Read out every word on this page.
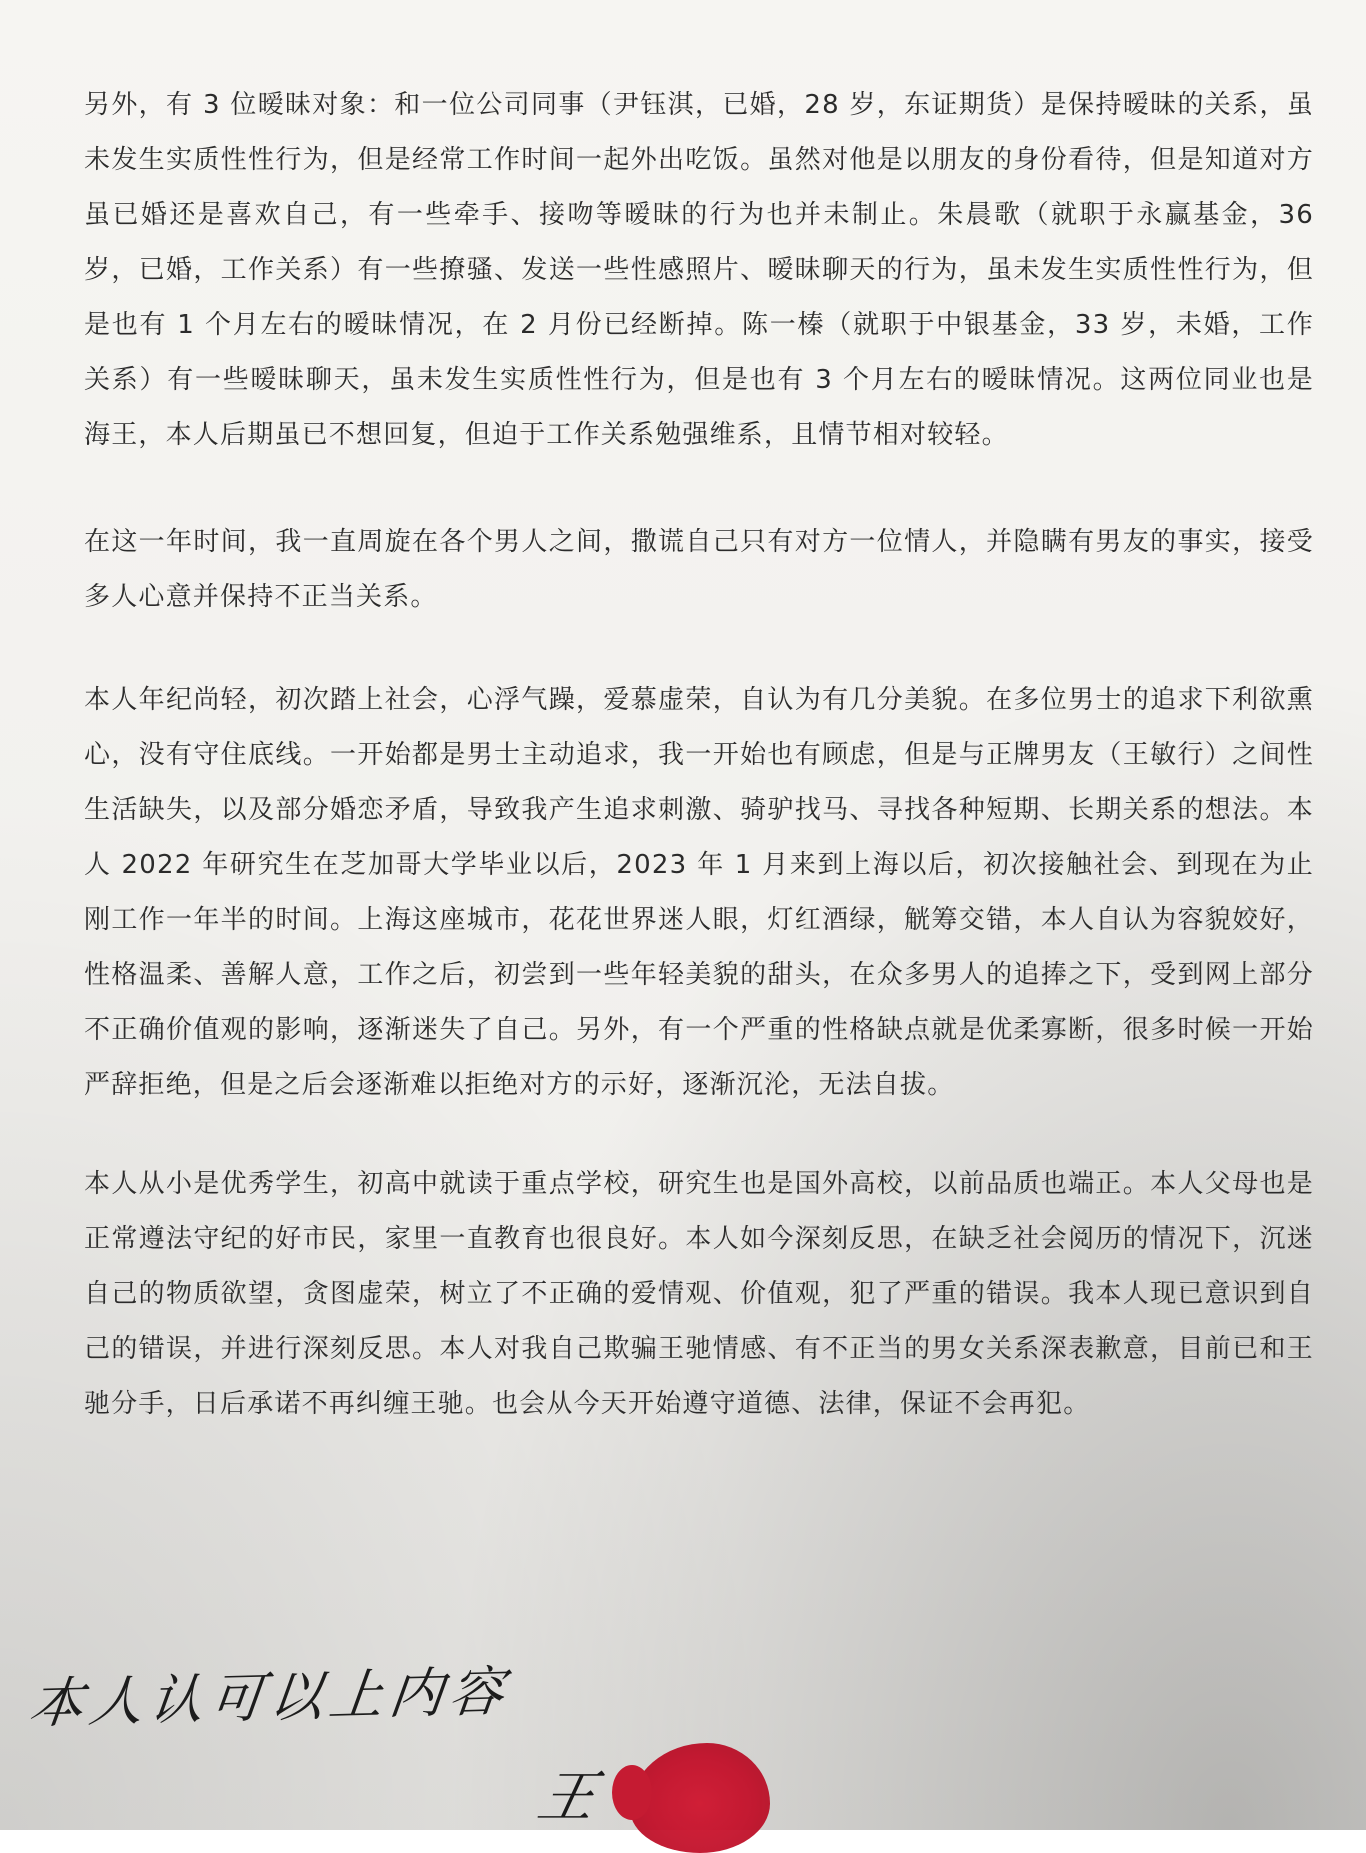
另外，有 3 位暧昧对象：和一位公司同事（尹钰淇，已婚，28 岁，东证期货）是保持暧昧的关系，虽未发生实质性性行为，但是经常工作时间一起外出吃饭。虽然对他是以朋友的身份看待，但是知道对方虽已婚还是喜欢自己，有一些牵手、接吻等暧昧的行为也并未制止。朱晨歌（就职于永赢基金，36 岁，已婚，工作关系）有一些撩骚、发送一些性感照片、暧昧聊天的行为，虽未发生实质性性行为，但是也有 1 个月左右的暧昧情况，在 2 月份已经断掉。陈一榛（就职于中银基金，33 岁，未婚，工作关系）有一些暧昧聊天，虽未发生实质性性行为，但是也有 3 个月左右的暧昧情况。这两位同业也是海王，本人后期虽已不想回复，但迫于工作关系勉强维系，且情节相对较轻。

在这一年时间，我一直周旋在各个男人之间，撒谎自己只有对方一位情人，并隐瞒有男友的事实，接受多人心意并保持不正当关系。

本人年纪尚轻，初次踏上社会，心浮气躁，爱慕虚荣，自认为有几分美貌。在多位男士的追求下利欲熏心，没有守住底线。一开始都是男士主动追求，我一开始也有顾虑，但是与正牌男友（王敏行）之间性生活缺失，以及部分婚恋矛盾，导致我产生追求刺激、骑驴找马、寻找各种短期、长期关系的想法。本人 2022 年研究生在芝加哥大学毕业以后，2023 年 1 月来到上海以后，初次接触社会、到现在为止刚工作一年半的时间。上海这座城市，花花世界迷人眼，灯红酒绿，觥筹交错，本人自认为容貌姣好，性格温柔、善解人意，工作之后，初尝到一些年轻美貌的甜头，在众多男人的追捧之下，受到网上部分不正确价值观的影响，逐渐迷失了自己。另外，有一个严重的性格缺点就是优柔寡断，很多时候一开始严辞拒绝，但是之后会逐渐难以拒绝对方的示好，逐渐沉沦，无法自拔。

本人从小是优秀学生，初高中就读于重点学校，研究生也是国外高校，以前品质也端正。本人父母也是正常遵法守纪的好市民，家里一直教育也很良好。本人如今深刻反思，在缺乏社会阅历的情况下，沉迷自己的物质欲望，贪图虚荣，树立了不正确的爱情观、价值观，犯了严重的错误。我本人现已意识到自己的错误，并进行深刻反思。本人对我自己欺骗王驰情感、有不正当的男女关系深表歉意，目前已和王驰分手，日后承诺不再纠缠王驰。也会从今天开始遵守道德、法律，保证不会再犯。

本人认可以上内容
王
